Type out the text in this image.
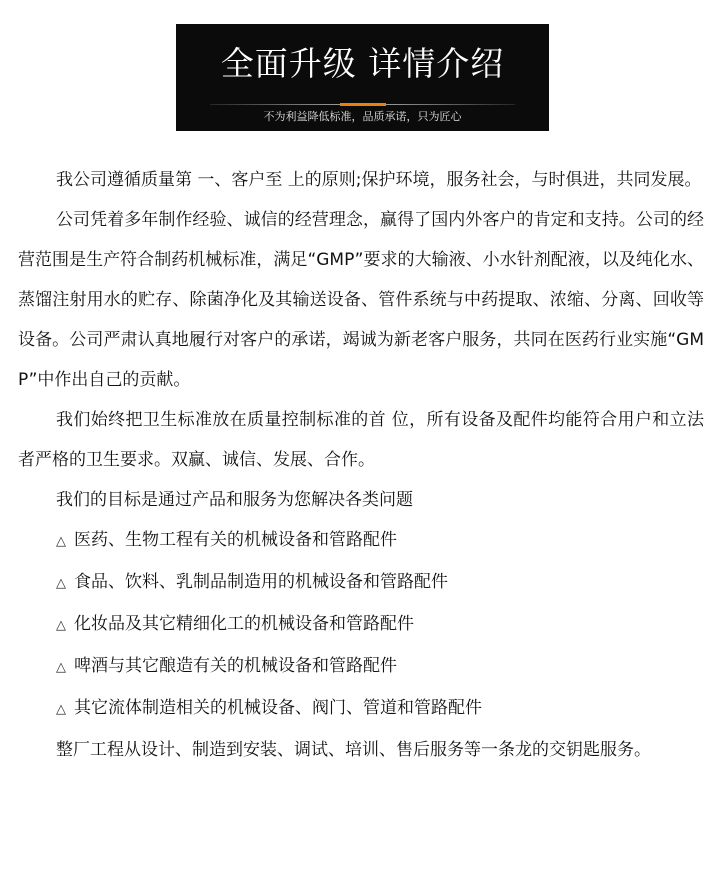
全面升级 详情介绍
不为利益降低标准，品质承诺，只为匠心

我公司遵循质量第 一、客户至 上的原则;保护环境，服务社会，与时俱进，共同发展。

公司凭着多年制作经验、诚信的经营理念，赢得了国内外客户的肯定和支持。公司的经营范围是生产符合制药机械标准，满足“GMP”要求的大输液、小水针剂配液，以及纯化水、蒸馏注射用水的贮存、除菌净化及其输送设备、管件系统与中药提取、浓缩、分离、回收等设备。公司严肃认真地履行对客户的承诺，竭诚为新老客户服务，共同在医药行业实施“GMP”中作出自己的贡献。

我们始终把卫生标准放在质量控制标准的首 位，所有设备及配件均能符合用户和立法者严格的卫生要求。双赢、诚信、发展、合作。

我们的目标是通过产品和服务为您解决各类问题

△ 医药、生物工程有关的机械设备和管路配件
△ 食品、饮料、乳制品制造用的机械设备和管路配件
△ 化妆品及其它精细化工的机械设备和管路配件
△ 啤酒与其它酿造有关的机械设备和管路配件
△ 其它流体制造相关的机械设备、阀门、管道和管路配件

整厂工程从设计、制造到安装、调试、培训、售后服务等一条龙的交钥匙服务。
